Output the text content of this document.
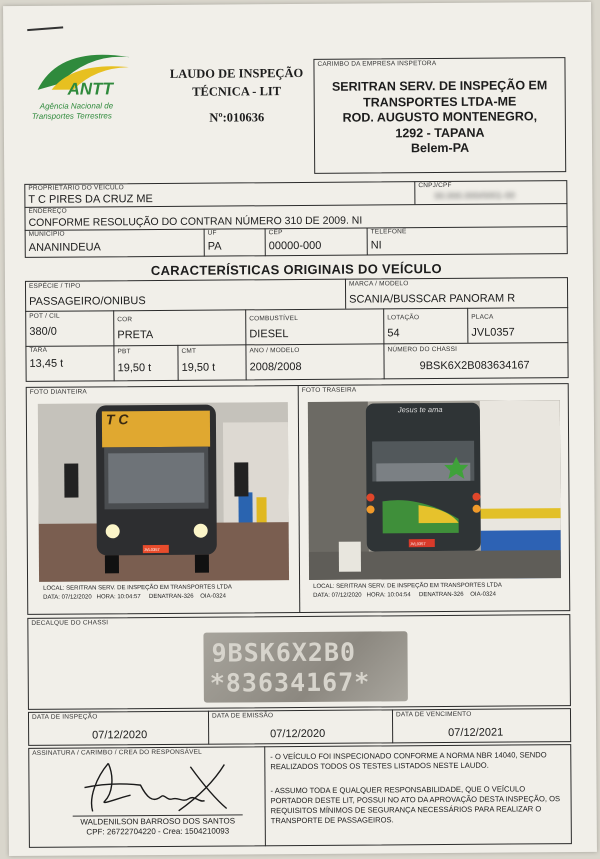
ANTT
Agência Nacional de
Transportes Terrestres
LAUDO DE INSPEÇÃO
TÉCNICA - LIT
Nº:010636
CARIMBO DA EMPRESA INSPETORA
SERITRAN SERV. DE INSPEÇÃO EM
TRANSPORTES LTDA-ME
ROD. AUGUSTO MONTENEGRO,
1292 - TAPANA
Belem-PA
PROPRIETÁRIO DO VEÍCULO
T C PIRES DA CRUZ ME
CNPJ/CPF
00.000.000/0001-00
ENDEREÇO
CONFORME RESOLUÇÃO DO CONTRAN NÚMERO 310 DE 2009. NI
MUNICÍPIO
ANANINDEUA
UF
PA
CEP
00000-000
TELEFONE
NI
CARACTERÍSTICAS ORIGINAIS DO VEÍCULO
ESPÉCIE / TIPO
PASSAGEIRO/ONIBUS
MARCA / MODELO
SCANIA/BUSSCAR PANORAM R
POT / CIL
380/0
COR
PRETA
COMBUSTÍVEL
DIESEL
LOTAÇÃO
54
PLACA
JVL0357
TARA
13,45 t
PBT
19,50 t
CMT
19,50 t
ANO / MODELO
2008/2008
NÚMERO DO CHASSI
9BSK6X2B083634167
FOTO DIANTEIRA	FOTO TRASEIRA
T C
JVL0357
LOCAL: SERITRAN SERV. DE INSPEÇÃO EM TRANSPORTES LTDA
DATA: 07/12/2020   HORA: 10:04:57     DENATRAN-326    OIA-0324
Jesus te ama
JVL0357
LOCAL: SERITRAN SERV. DE INSPEÇÃO EM TRANSPORTES LTDA
DATA: 07/12/2020   HORA: 10:04:54     DENATRAN-326    OIA-0324
DECALQUE DO CHASSI
9BSK6X2B0
*83634167*
DATA DE INSPEÇÃO
07/12/2020
DATA DE EMISSÃO
07/12/2020
DATA DE VENCIMENTO
07/12/2021
ASSINATURA / CARIMBO / CREA DO RESPONSÁVEL
WALDENILSON BARROSO DOS SANTOS
CPF: 26722704220 - Crea: 1504210093
- O VEÍCULO FOI INSPECIONADO CONFORME A NORMA NBR 14040, SENDO REALIZADOS TODOS OS TESTES LISTADOS NESTE LAUDO.
- ASSUMO TODA E QUALQUER RESPONSABILIDADE, QUE O VEÍCULO PORTADOR DESTE LIT, POSSUI NO ATO DA APROVAÇÃO DESTA INSPEÇÃO, OS REQUISITOS MÍNIMOS DE SEGURANÇA NECESSÁRIOS PARA REALIZAR O TRANSPORTE DE PASSAGEIROS.
